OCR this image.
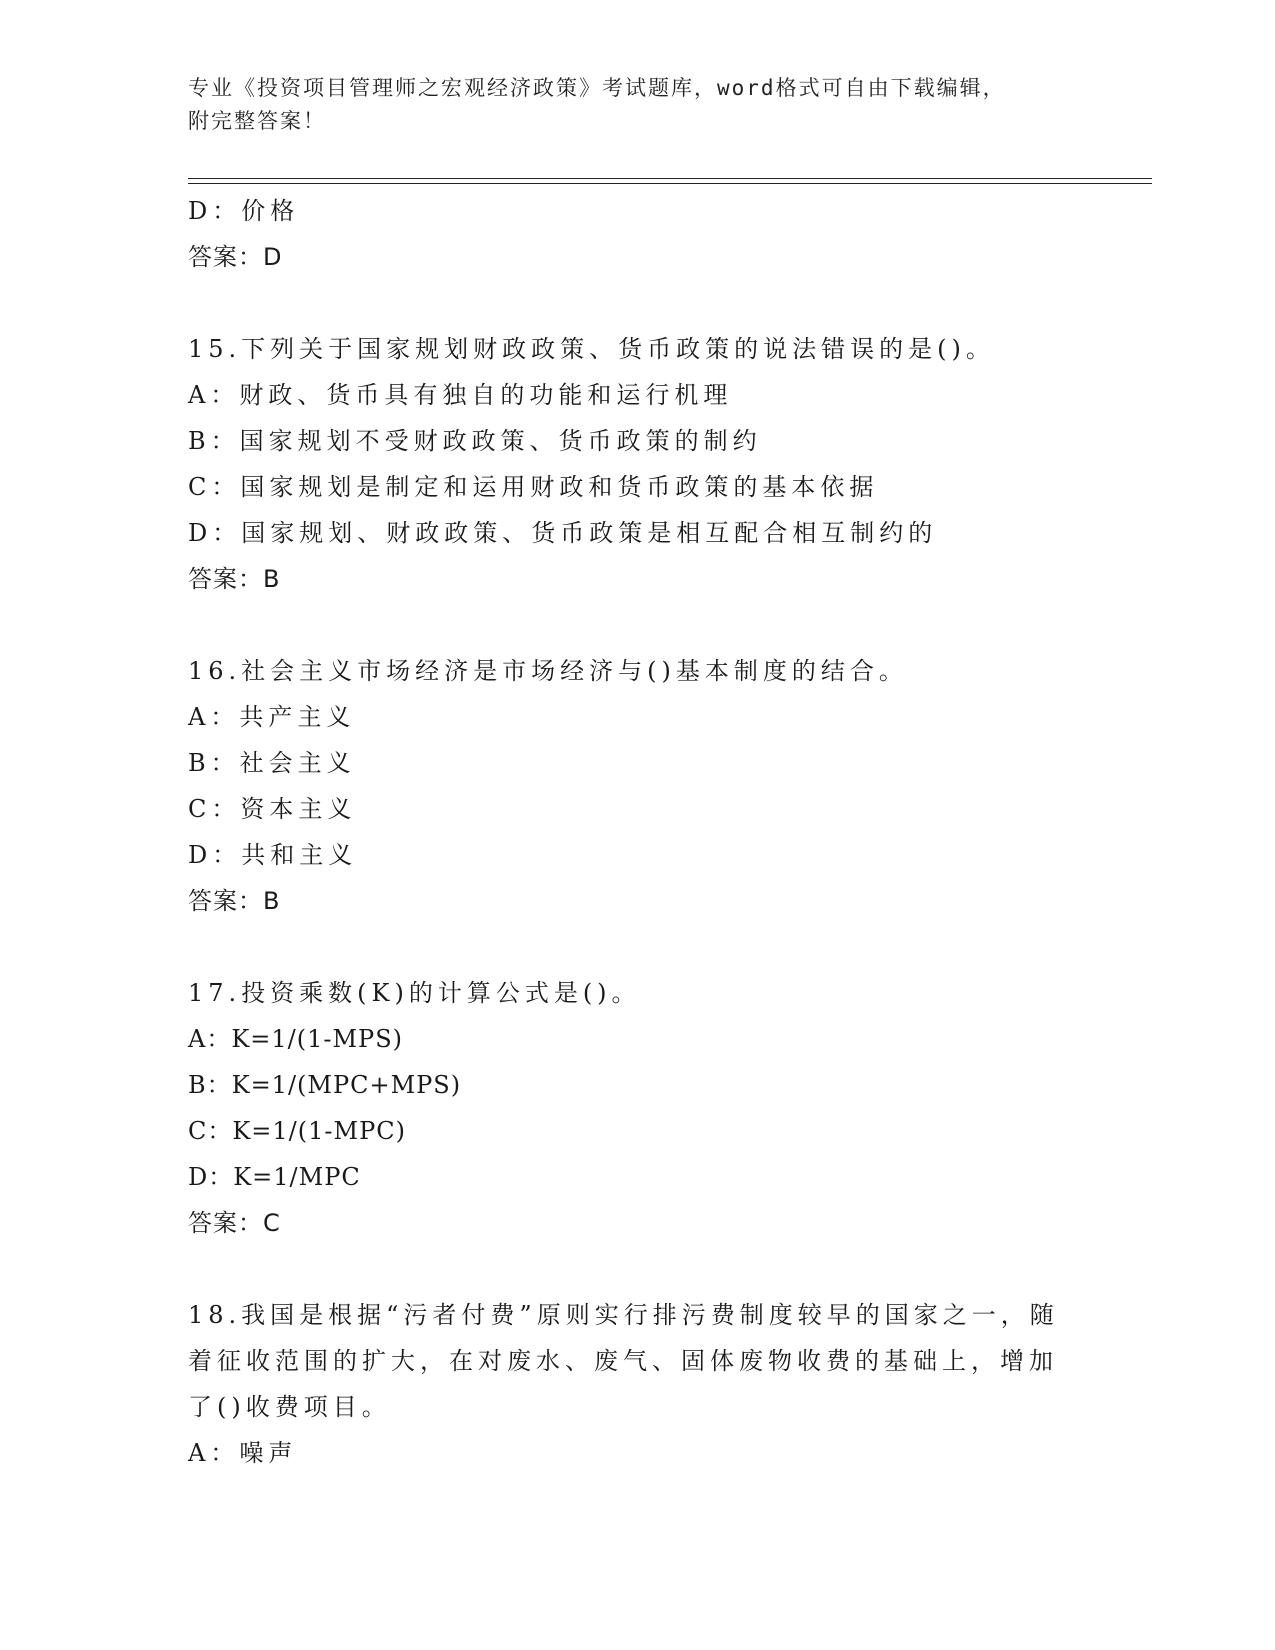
专业《投资项目管理师之宏观经济政策》考试题库，word格式可自由下载编辑，
附完整答案！
D：价格
答案：D
15.下列关于国家规划财政政策、货币政策的说法错误的是()。
A：财政、货币具有独自的功能和运行机理
B：国家规划不受财政政策、货币政策的制约
C：国家规划是制定和运用财政和货币政策的基本依据
D：国家规划、财政政策、货币政策是相互配合相互制约的
答案：B
16.社会主义市场经济是市场经济与()基本制度的结合。
A：共产主义
B：社会主义
C：资本主义
D：共和主义
答案：B
17.投资乘数(K)的计算公式是()。
A：K=1/(1-MPS)
B：K=1/(MPC+MPS)
C：K=1/(1-MPC)
D：K=1/MPC
答案：C
18.我国是根据“污者付费”原则实行排污费制度较早的国家之一，随
着征收范围的扩大，在对废水、废气、固体废物收费的基础上，增加
了()收费项目。
A：噪声
